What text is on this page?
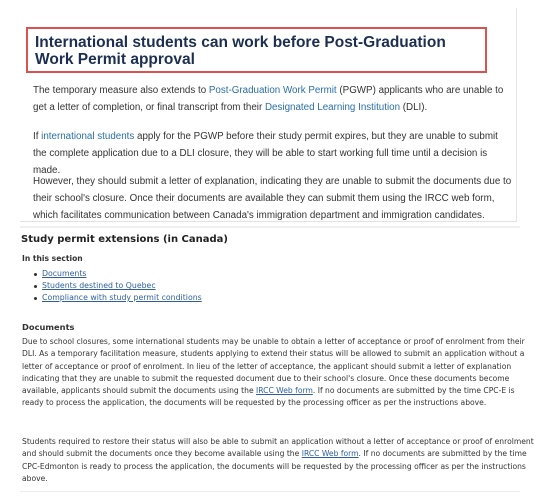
International students can work before Post-Graduation Work Permit approval

The temporary measure also extends to Post-Graduation Work Permit (PGWP) applicants who are unable to get a letter of completion, or final transcript from their Designated Learning Institution (DLI).

If international students apply for the PGWP before their study permit expires, but they are unable to submit the complete application due to a DLI closure, they will be able to start working full time until a decision is made.

However, they should submit a letter of explanation, indicating they are unable to submit the documents due to their school's closure. Once their documents are available they can submit them using the IRCC web form, which facilitates communication between Canada's immigration department and immigration candidates.

Study permit extensions (in Canada)
In this section
Documents
Students destined to Quebec
Compliance with study permit conditions
Documents

Due to school closures, some international students may be unable to obtain a letter of acceptance or proof of enrolment from their DLI. As a temporary facilitation measure, students applying to extend their status will be allowed to submit an application without a letter of acceptance or proof of enrolment. In lieu of the letter of acceptance, the applicant should submit a letter of explanation indicating that they are unable to submit the requested document due to their school's closure. Once these documents become available, applicants should submit the documents using the IRCC Web form. If no documents are submitted by the time CPC-E is ready to process the application, the documents will be requested by the processing officer as per the instructions above.

Students required to restore their status will also be able to submit an application without a letter of acceptance or proof of enrolment and should submit the documents once they become available using the IRCC Web form. If no documents are submitted by the time CPC-Edmonton is ready to process the application, the documents will be requested by the processing officer as per the instructions above.
